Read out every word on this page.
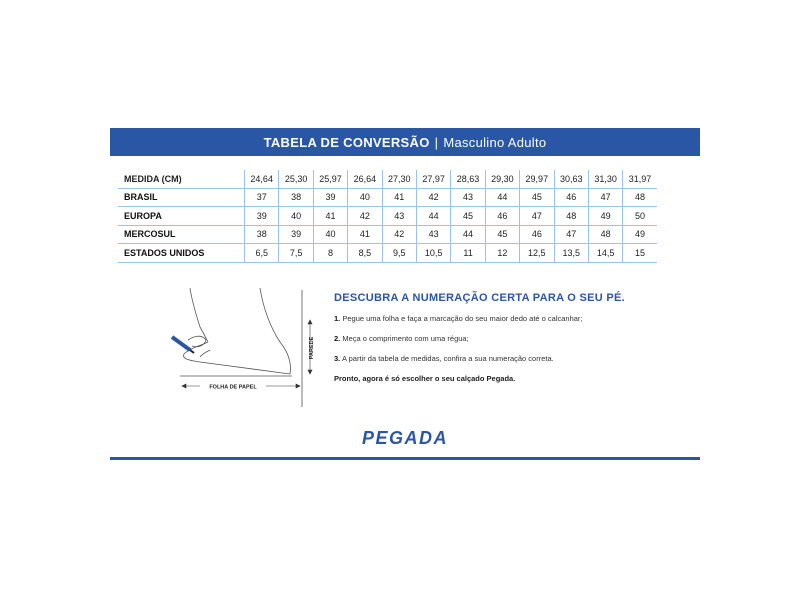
TABELA DE CONVERSÃO | Masculino Adulto
MEDIDA (CM)	24,64	25,30	25,97	26,64	27,30	27,97	28,63	29,30	29,97	30,63	31,30	31,97
BRASIL	37	38	39	40	41	42	43	44	45	46	47	48
EUROPA	39	40	41	42	43	44	45	46	47	48	49	50
MERCOSUL	38	39	40	41	42	43	44	45	46	47	48	49
ESTADOS UNIDOS	6,5	7,5	8	8,5	9,5	10,5	11	12	12,5	13,5	14,5	15
FOLHA DE PAPEL
PAREDE
DESCUBRA A NUMERAÇÃO CERTA PARA O SEU PÉ.
1. Pegue uma folha e faça a marcação do seu maior dedo até o calcanhar;
2. Meça o comprimento com uma régua;
3. A partir da tabela de medidas, confira a sua numeração correta.
Pronto, agora é só escolher o seu calçado Pegada.
PEGADA
